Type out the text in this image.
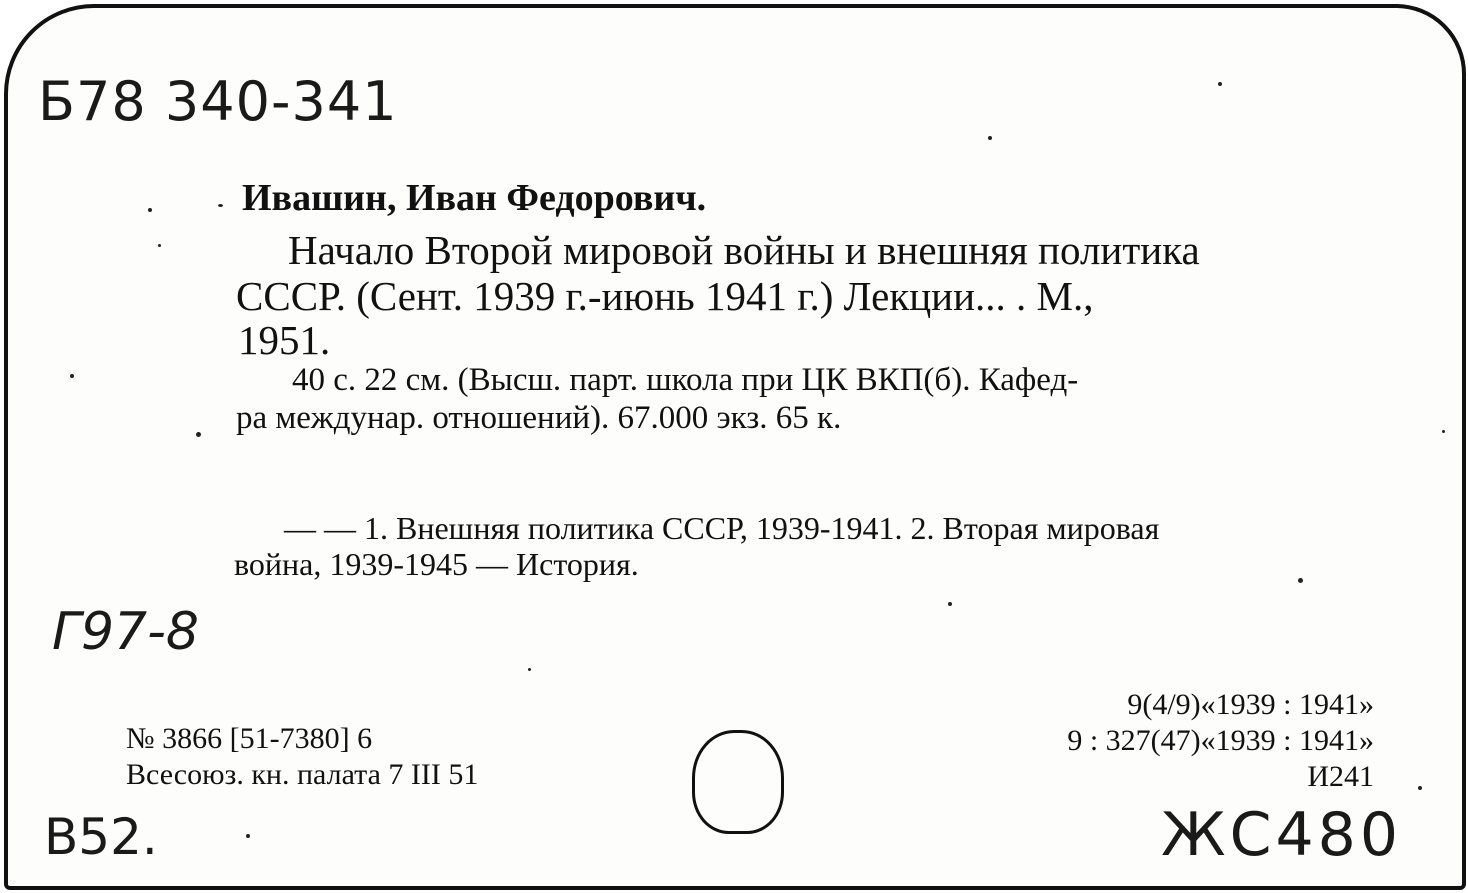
Б78 340-341
Ивашин, Иван Федорович.
Начало Второй мировой войны и внешняя политика
СССР. (Сент. 1939 г.-июнь 1941 г.) Лекции... . М.,
1951.
40 с. 22 см. (Высш. парт. школа при ЦК ВКП(б). Кафед-
ра междунар. отношений). 67.000 экз. 65 к.
— — 1. Внешняя политика СССР, 1939-1941. 2. Вторая мировая
война, 1939-1945 — История.
Г97-8
№ 3866 [51-7380] 6
Всесоюз. кн. палата 7 III 51
9(4/9)«1939 : 1941»
9 : 327(47)«1939 : 1941»
И241
В52.	ЖС480
